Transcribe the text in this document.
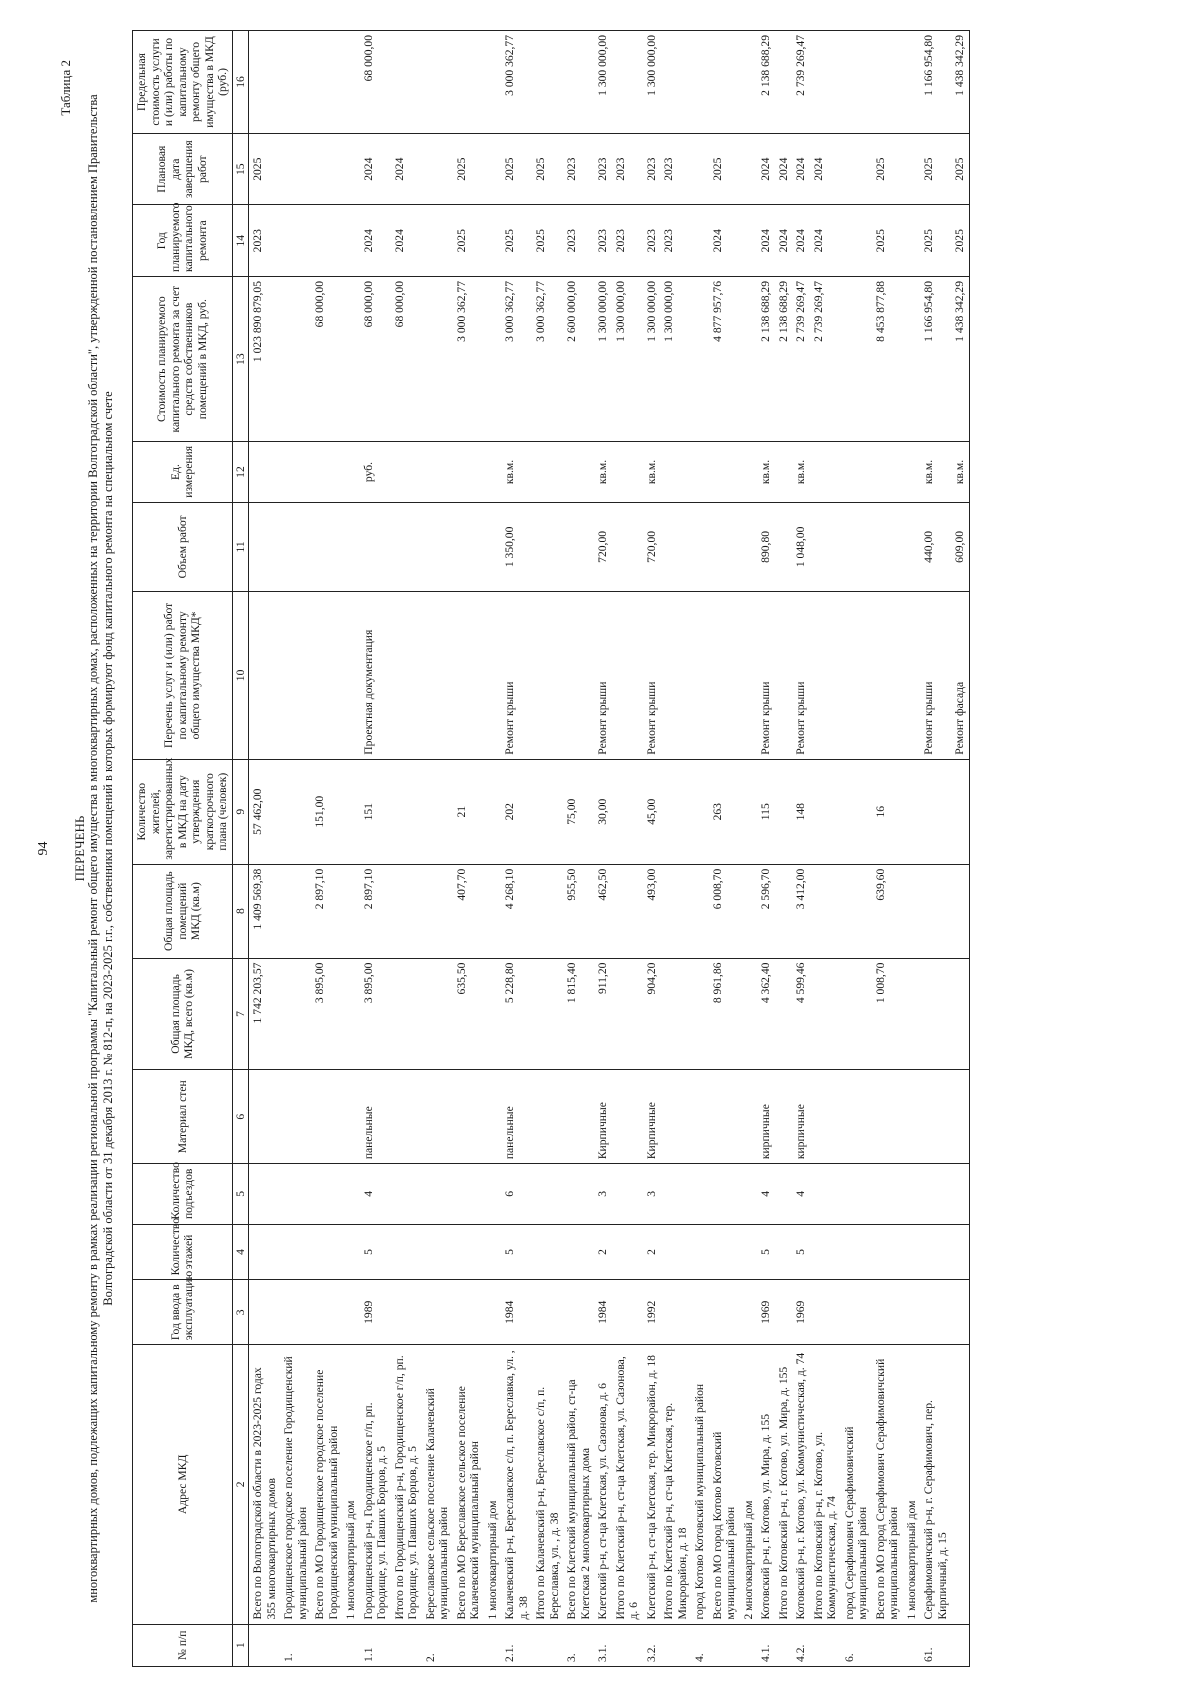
94
Таблица 2
ПЕРЕЧЕНЬ многоквартирных домов, подлежащих капитальному ремонту в рамках реализации региональной программы "Капитальный ремонт общего имущества в многоквартирных домах, расположенных на территории Волгоградской области", утвержденной постановлением Правительства Волгоградской области от 31 декабря 2013 г. № 812-п, на 2023-2025 г.г., собственники помещений в которых формируют фонд капитального ремонта на специальном счете
№ п/п	Адрес МКД	Год ввода в эксплуатацию	Количество этажей	Количество подъездов	Материал стен	Общая площадь МКД, всего (кв.м)	Общая площадь помещений МКД (кв.м)	Количество жителей, зарегистрированных в МКД на дату утверждения краткосрочного плана (человек)	Перечень услуг и (или) работ по капитальному ремонту общего имущества МКД*	Объем работ	Ед. измерения	Стоимость планируемого капитального ремонта за счет средств собственников помещений в МКД, руб.	Год планируемого капитального ремонта	Плановая дата завершения работ	Предельная стоимость услуги и (или) работы по капитальному ремонту общего имущества в МКД (руб.)
1	2	3	4	5	6	7	8	9	10	11	12	13	14	15	16
	Всего по Волгоградской области в 2023-2025 годах 355 многоквартирных домов					1 742 203,57	1 409 569,38	57 462,00				1 023 890 879,05	2023	2025	
1.	Городищенское городское поселение Городищенский муниципальный район														
	Всего по МО Городищенское городское поселение Городищенский муниципальный район					3 895,00	2 897,10	151,00				68 000,00			
	1 многоквартирный дом														
1.1	Городищенский р-н, Городищенское г/п, рп. Городище, ул. Павших Борцов, д. 5	1989	5	4	панельные	3 895,00	2 897,10	151	Проектная документация		руб.	68 000,00	2024	2024	68 000,00
	Итого по Городищенский р-н, Городищенское г/п, рп. Городище, ул. Павших Борцов, д. 5											68 000,00	2024	2024	
2.	Береславское сельское поселение Калачевский муниципальный район														
	Всего по МО Береславское сельское поселение Калачевский муниципальный район					635,50	407,70	21				3 000 362,77	2025	2025	
	1 многоквартирный дом														
2.1.	Калачевский р-н, Береславское с/п, п. Береславка, ул. , д. 38	1984	5	6	панельные	5 228,80	4 268,10	202	Ремонт крыши	1 350,00	кв.м.	3 000 362,77	2025	2025	3 000 362,77
	Итого по Калачевский р-н, Береславское с/п, п. Береславка, ул. , д. 38											3 000 362,77	2025	2025	
3.	Всего по Клетский муниципальный район, ст-ца Клетская 2 многоквартирных дома					1 815,40	955,50	75,00				2 600 000,00	2023	2023	
3.1.	Клетский р-н, ст-ца Клетская, ул. Сазонова, д. 6	1984	2	3	Кирпичные	911,20	462,50	30,00	Ремонт крыши	720,00	кв.м.	1 300 000,00	2023	2023	1 300 000,00
	Итого по Клетский р-н, ст-ца Клетская, ул. Сазонова, д. 6											1 300 000,00	2023	2023	
3.2.	Клетский р-н, ст-ца Клетская, тер. Микрорайон, д. 18	1992	2	3	Кирпичные	904,20	493,00	45,00	Ремонт крыши	720,00	кв.м.	1 300 000,00	2023	2023	1 300 000,00
	Итого по Клетский р-н, ст-ца Клетская, тер. Микрорайон, д. 18											1 300 000,00	2023	2023	
4.	город Котово Котовский муниципальный район														
	Всего по МО город Котово Котовский муниципальный район					8 961,86	6 008,70	263				4 877 957,76	2024	2025	
	2 многоквартирный дом														
4.1.	Котовский р-н, г. Котово, ул. Мира, д. 155	1969	5	4	кирпичные	4 362,40	2 596,70	115	Ремонт крыши	890,80	кв.м.	2 138 688,29	2024	2024	2 138 688,29
	Итого по Котовский р-н, г. Котово, ул. Мира, д. 155											2 138 688,29	2024	2024	
4.2.	Котовский р-н, г. Котово, ул. Коммунистическая, д. 74	1969	5	4	кирпичные	4 599,46	3 412,00	148	Ремонт крыши	1 048,00	кв.м.	2 739 269,47	2024	2024	2 739 269,47
	Итого по Котовский р-н, г. Котово, ул. Коммунистическая, д. 74											2 739 269,47	2024	2024	
6.	город Серафимович Серафимовичский муниципальный район														
	Всего по МО город Серафимович Серафимовичский муниципальный район					1 008,70	639,60	16				8 453 877,88	2025	2025	
	1 многоквартирный дом														
61.	Серафимовичский р-н, г. Серафимович, пер. Кирпичный, д. 15								Ремонт крыши	440,00	кв.м.	1 166 954,80	2025	2025	1 166 954,80
									Ремонт фасада	609,00	кв.м.	1 438 342,29	2025	2025	1 438 342,29
